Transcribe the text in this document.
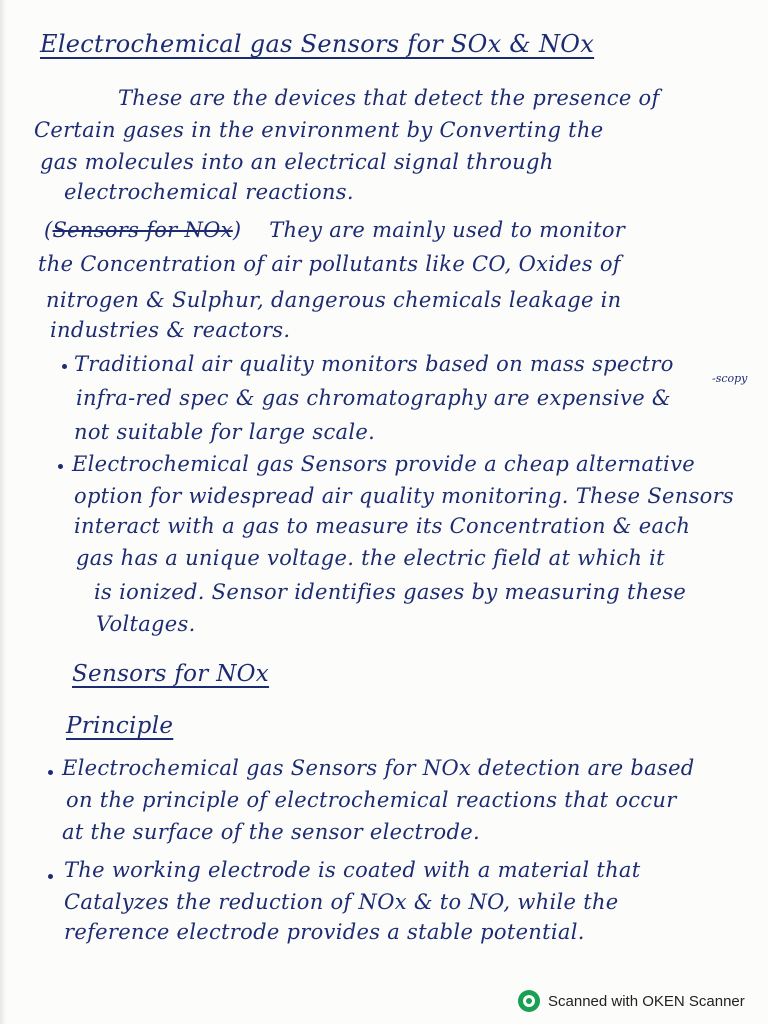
Electrochemical gas Sensors for SOx & NOx
These are the devices that detect the presence of
Certain gases in the environment by Converting the
gas molecules into an electrical signal through
electrochemical reactions.
(Sensors for NOx)    They are mainly used to monitor
the Concentration of air pollutants like CO, Oxides of
nitrogen & Sulphur, dangerous chemicals leakage in
industries & reactors.
Traditional air quality monitors based on mass spectro
-scopy
infra-red spec & gas chromatography are expensive &
not suitable for large scale.
Electrochemical gas Sensors provide a cheap alternative
option for widespread air quality monitoring. These Sensors
interact with a gas to measure its Concentration & each
gas has a unique voltage. the electric field at which it
is ionized. Sensor identifies gases by measuring these
Voltages.
Sensors for NOx
Principle
Electrochemical gas Sensors for NOx detection are based
on the principle of electrochemical reactions that occur
at the surface of the sensor electrode.
The working electrode is coated with a material that
Catalyzes the reduction of NOx & to NO, while the
reference electrode provides a stable potential.
Scanned with OKEN Scanner
